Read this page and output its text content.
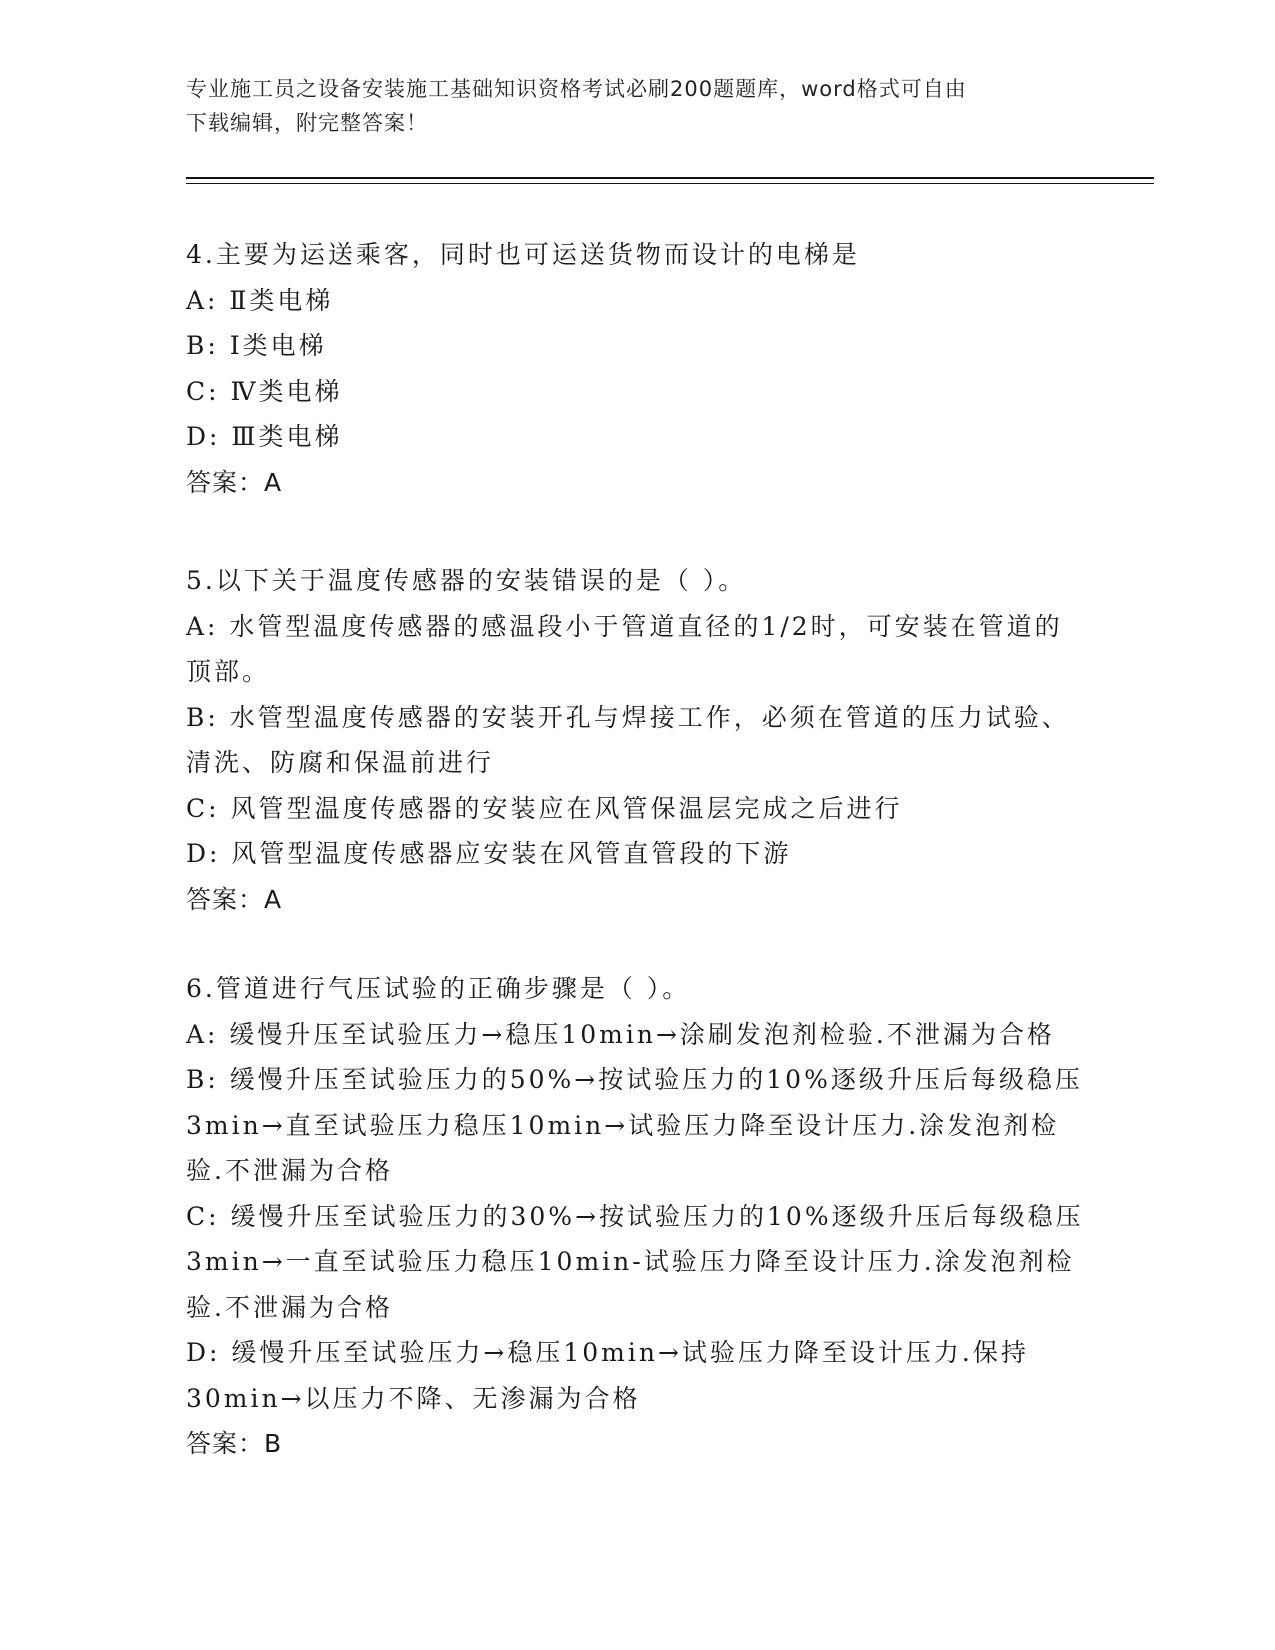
专业施工员之设备安装施工基础知识资格考试必刷200题题库，word格式可自由
下载编辑，附完整答案！
4.主要为运送乘客，同时也可运送货物而设计的电梯是
A: Ⅱ类电梯
B: Ⅰ类电梯
C: Ⅳ类电梯
D: Ⅲ类电梯
答案：A
5.以下关于温度传感器的安装错误的是（ ）。
A: 水管型温度传感器的感温段小于管道直径的1/2时，可安装在管道的顶部。
B: 水管型温度传感器的安装开孔与焊接工作，必须在管道的压力试验、清洗、防腐和保温前进行
C: 风管型温度传感器的安装应在风管保温层完成之后进行
D: 风管型温度传感器应安装在风管直管段的下游
答案：A
6.管道进行气压试验的正确步骤是（ ）。
A: 缓慢升压至试验压力→稳压10min→涂刷发泡剂检验.不泄漏为合格
B: 缓慢升压至试验压力的50%→按试验压力的10%逐级升压后每级稳压3min→直至试验压力稳压10min→试验压力降至设计压力.涂发泡剂检验.不泄漏为合格
C: 缓慢升压至试验压力的30%→按试验压力的10%逐级升压后每级稳压3min→一直至试验压力稳压10min-试验压力降至设计压力.涂发泡剂检验.不泄漏为合格
D: 缓慢升压至试验压力→稳压10min→试验压力降至设计压力.保持30min→以压力不降、无渗漏为合格
答案：B
